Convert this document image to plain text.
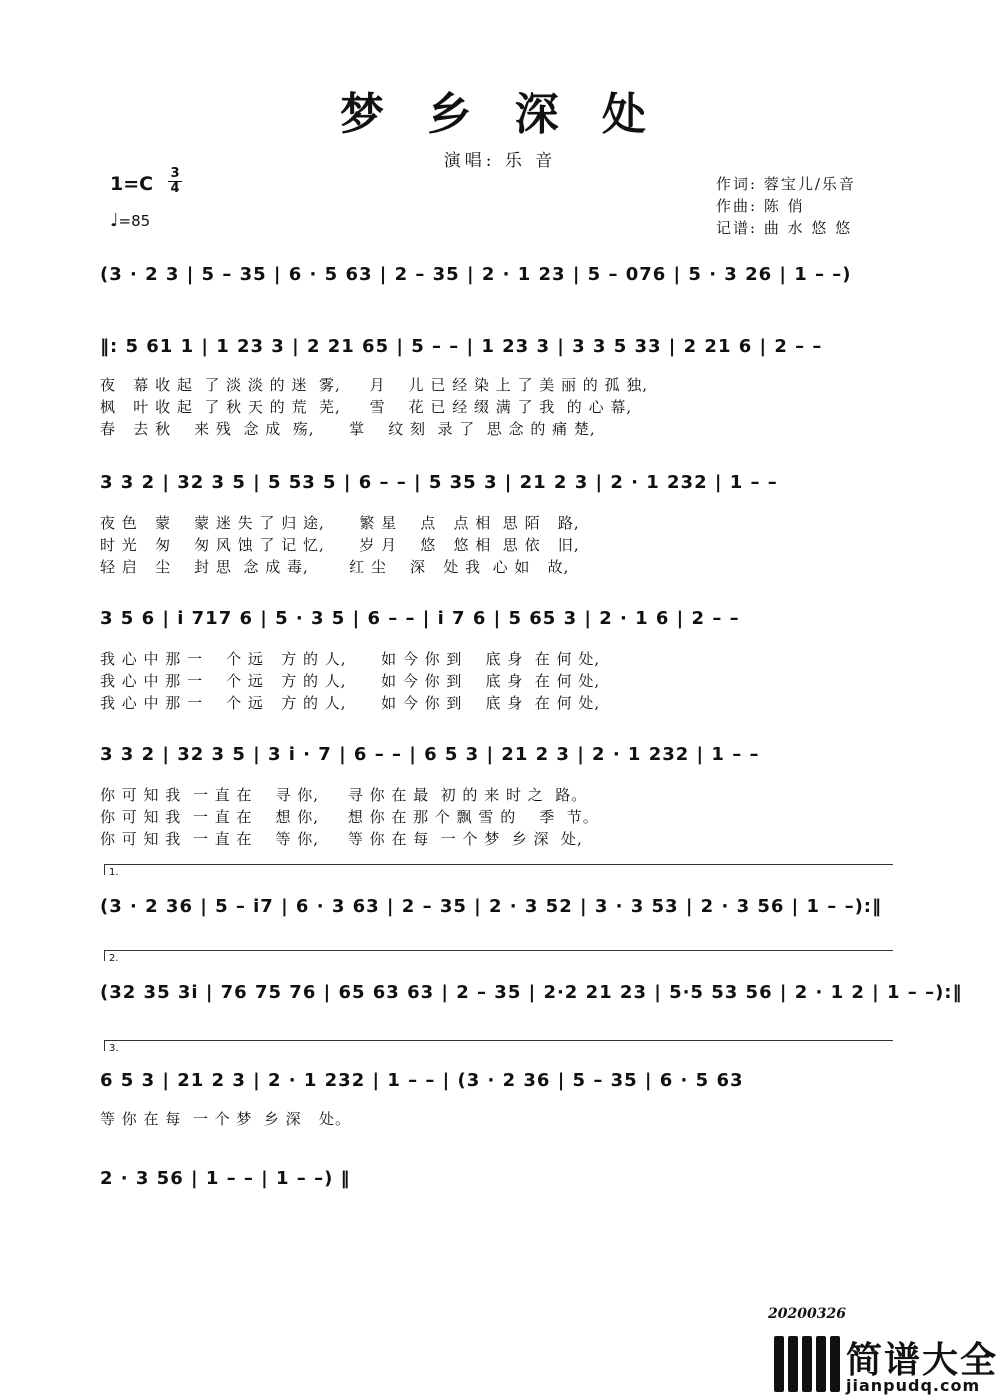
梦 乡 深 处
演唱: 乐 音
1=C 3
4
♩=85
作词: 蓉宝儿/乐音
作曲: 陈 俏
记谱: 曲 水 悠 悠
(3 · 2 3 | 5 – 35 | 6 · 5 63 | 2 – 35 | 2 · 1 23 | 5 – 076 | 5 · 3 26 | 1 – –)
‖: 5 61 1 | 1 23 3 | 2 21 65 | 5 – – | 1 23 3 | 3 3 5 33 | 2 21 6 | 2 – –
夜   幕 收 起  了 淡 淡 的 迷  雾,     月    儿 已 经 染 上 了 美 丽 的 孤 独,
枫   叶 收 起  了 秋 天 的 荒  芜,     雪    花 已 经 缀 满 了 我  的 心 幕,
春   去 秋    来 残  念 成  殇,      掌    纹 刻  录 了  思 念 的 痛 楚,
3 3 2 | 32 3 5 | 5 53 5 | 6 – – | 5 35 3 | 21 2 3 | 2 · 1 232 | 1 – –
夜 色   蒙    蒙 迷 失 了 归 途,      繁 星    点   点 相  思 陌   路,
时 光   匆    匆 风 蚀 了 记 忆,      岁 月    悠   悠 相  思 依   旧,
轻 启   尘    封 思  念 成 毒,       红 尘    深   处 我  心 如   故,
3 5 6 | i 717 6 | 5 · 3 5 | 6 – – | i 7 6 | 5 65 3 | 2 · 1 6 | 2 – –
我 心 中 那 一    个 远   方 的 人,      如 今 你 到    底 身  在 何 处,
我 心 中 那 一    个 远   方 的 人,      如 今 你 到    底 身  在 何 处,
我 心 中 那 一    个 远   方 的 人,      如 今 你 到    底 身  在 何 处,
3 3 2 | 32 3 5 | 3 i · 7 | 6 – – | 6 5 3 | 21 2 3 | 2 · 1 232 | 1 – –
你 可 知 我  一 直 在    寻 你,     寻 你 在 最  初 的 来 时 之  路。
你 可 知 我  一 直 在    想 你,     想 你 在 那 个 飘 雪 的    季  节。
你 可 知 我  一 直 在    等 你,     等 你 在 每  一 个 梦  乡 深  处,
1.
(3 · 2 36 | 5 – i7 | 6 · 3 63 | 2 – 35 | 2 · 3 52 | 3 · 3 53 | 2 · 3 56 | 1 – –):‖
2.
(32 35 3i | 76 75 76 | 65 63 63 | 2 – 35 | 2·2 21 23 | 5·5 53 56 | 2 · 1 2 | 1 – –):‖
3.
6 5 3 | 21 2 3 | 2 · 1 232 | 1 – – | (3 · 2 36 | 5 – 35 | 6 · 5 63
等 你 在 每  一 个 梦  乡 深   处。
2 · 3 56 | 1 – – | 1 – –) ‖
20200326
简谱大全
jianpudq.com
